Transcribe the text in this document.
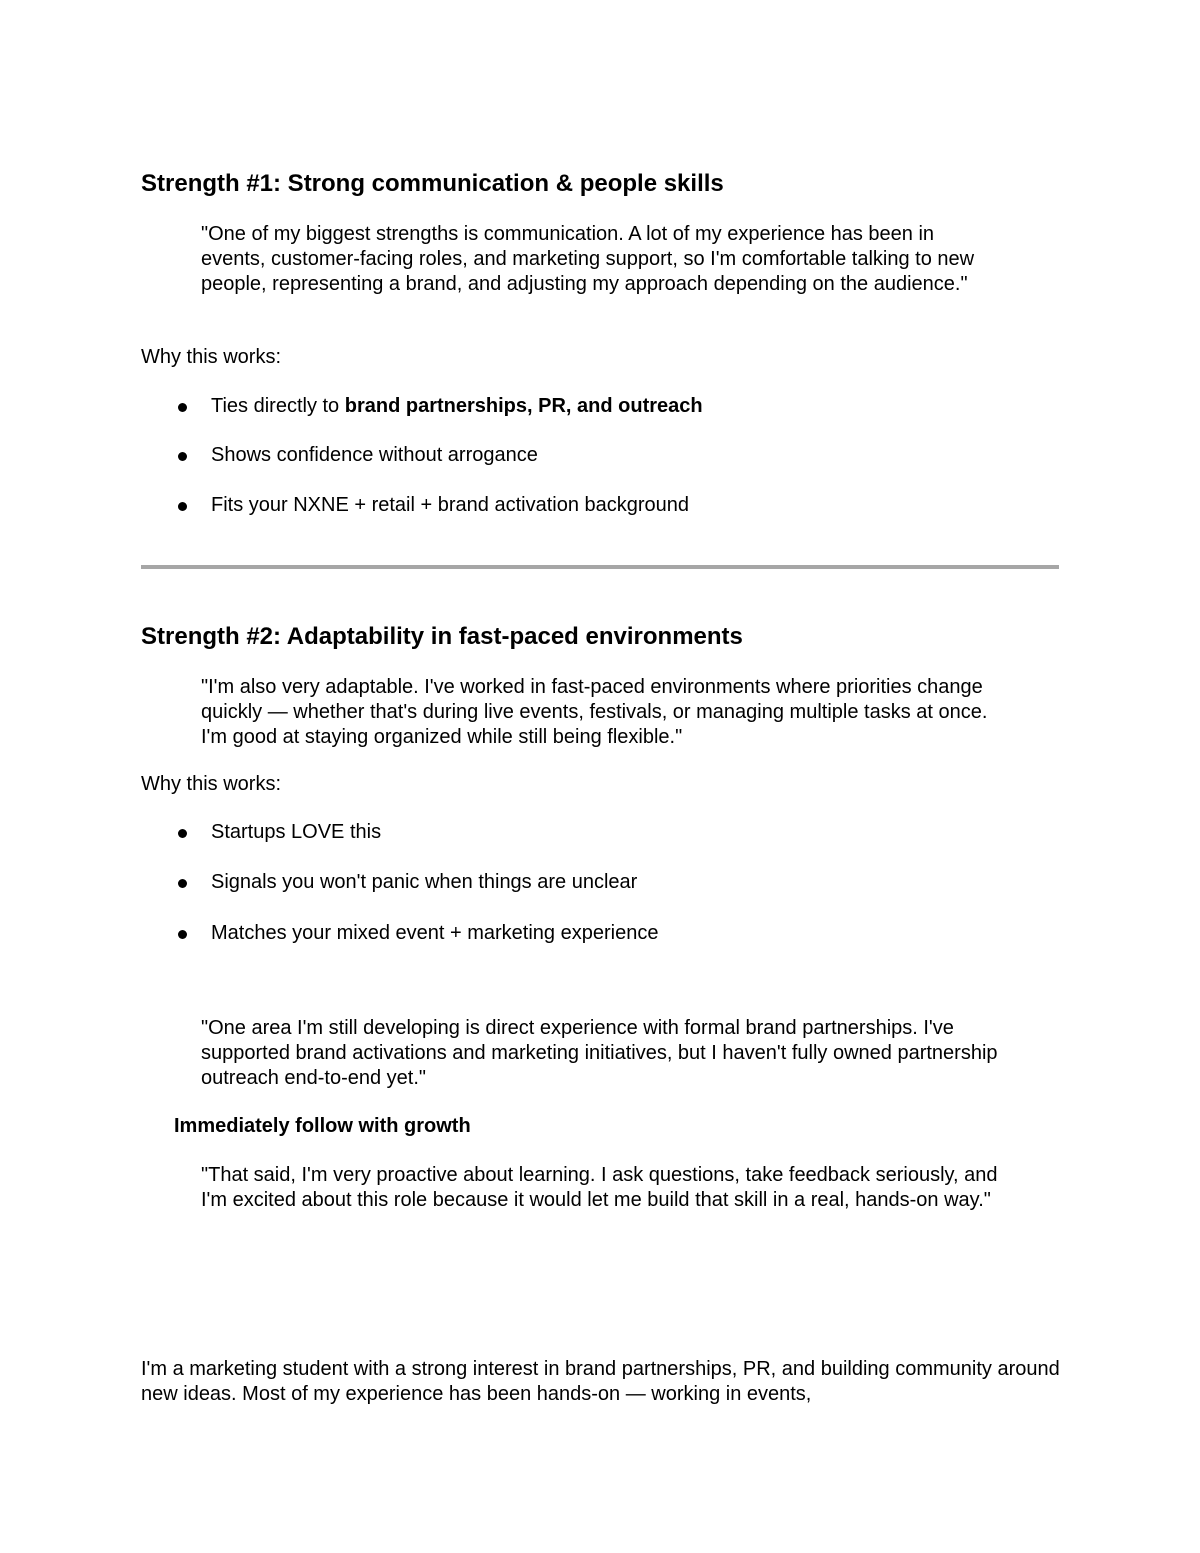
Strength #1: Strong communication & people skills

"One of my biggest strengths is communication. A lot of my experience has been in events, customer-facing roles, and marketing support, so I'm comfortable talking to new people, representing a brand, and adjusting my approach depending on the audience."

Why this works:

Ties directly to brand partnerships, PR, and outreach
Shows confidence without arrogance
Fits your NXNE + retail + brand activation background
Strength #2: Adaptability in fast-paced environments

"I'm also very adaptable. I've worked in fast-paced environments where priorities change quickly — whether that's during live events, festivals, or managing multiple tasks at once. I'm good at staying organized while still being flexible."

Why this works:

Startups LOVE this
Signals you won't panic when things are unclear
Matches your mixed event + marketing experience

"One area I'm still developing is direct experience with formal brand partnerships. I've supported brand activations and marketing initiatives, but I haven't fully owned partnership outreach end-to-end yet."

Immediately follow with growth

"That said, I'm very proactive about learning. I ask questions, take feedback seriously, and I'm excited about this role because it would let me build that skill in a real, hands-on way."

I'm a marketing student with a strong interest in brand partnerships, PR, and building community around new ideas. Most of my experience has been hands-on — working in events,
